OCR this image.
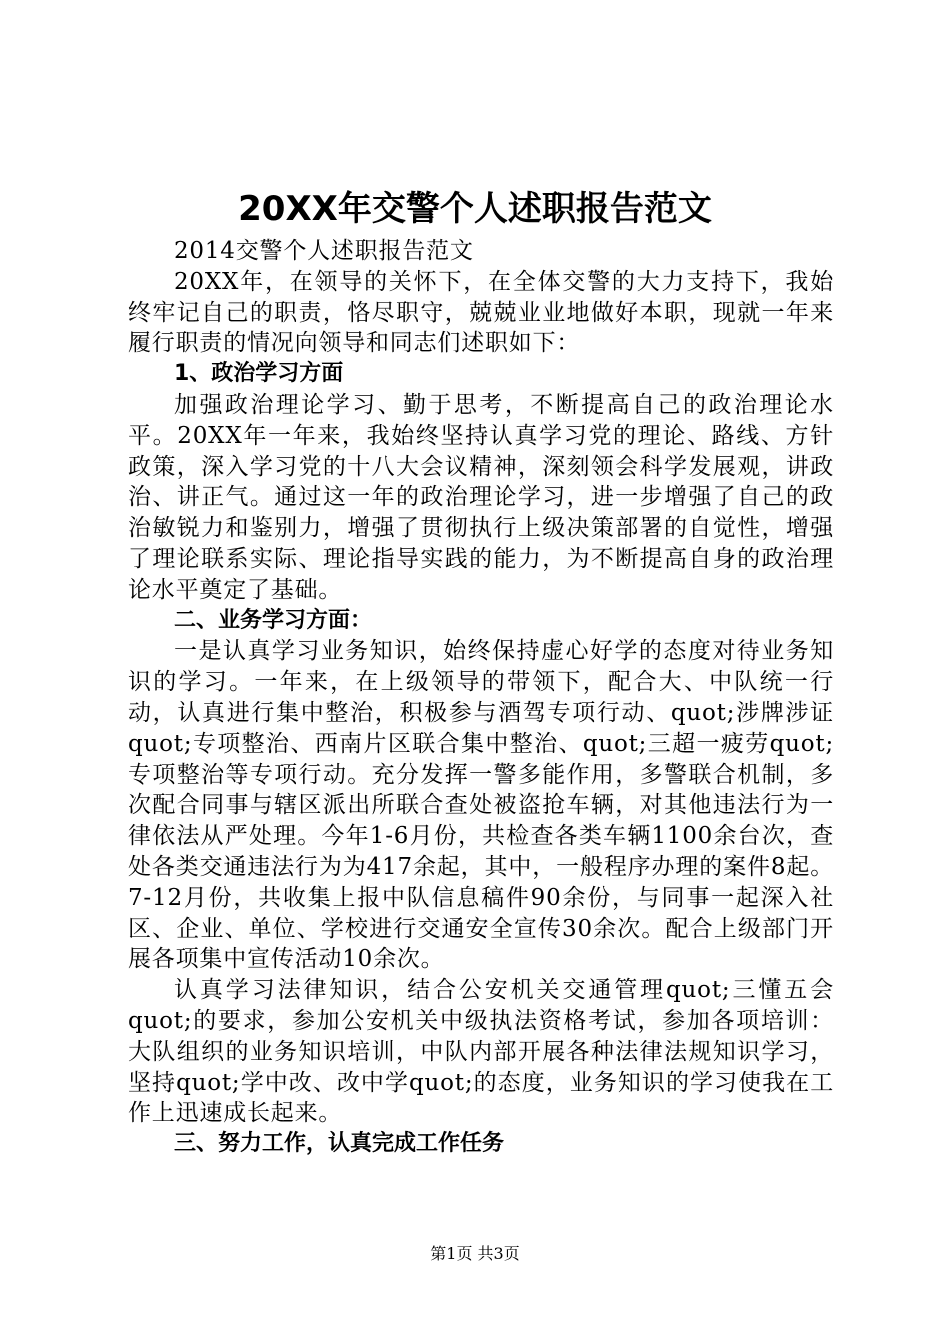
20XX年交警个人述职报告范文

2014交警个人述职报告范文

20XX年，在领导的关怀下，在全体交警的大力支持下，我始终牢记自己的职责，恪尽职守，兢兢业业地做好本职，现就一年来履行职责的情况向领导和同志们述职如下：

1、政治学习方面

加强政治理论学习、勤于思考，不断提高自己的政治理论水平。20XX年一年来，我始终坚持认真学习党的理论、路线、方针政策，深入学习党的十八大会议精神，深刻领会科学发展观，讲政治、讲正气。通过这一年的政治理论学习，进一步增强了自己的政治敏锐力和鉴别力，增强了贯彻执行上级决策部署的自觉性，增强了理论联系实际、理论指导实践的能力，为不断提高自身的政治理论水平奠定了基础。

二、业务学习方面：

一是认真学习业务知识，始终保持虚心好学的态度对待业务知识的学习。一年来，在上级领导的带领下，配合大、中队统一行动，认真进行集中整治，积极参与酒驾专项行动、quot;涉牌涉证quot;专项整治、西南片区联合集中整治、quot;三超一疲劳quot;专项整治等专项行动。充分发挥一警多能作用，多警联合机制，多次配合同事与辖区派出所联合查处被盗抢车辆，对其他违法行为一律依法从严处理。今年1-6月份，共检查各类车辆1100余台次，查处各类交通违法行为为417余起，其中，一般程序办理的案件8起。7-12月份，共收集上报中队信息稿件90余份，与同事一起深入社区、企业、单位、学校进行交通安全宣传30余次。配合上级部门开展各项集中宣传活动10余次。

认真学习法律知识，结合公安机关交通管理quot;三懂五会quot;的要求，参加公安机关中级执法资格考试，参加各项培训：大队组织的业务知识培训，中队内部开展各种法律法规知识学习，坚持quot;学中改、改中学quot;的态度，业务知识的学习使我在工作上迅速成长起来。

三、努力工作，认真完成工作任务

第1页 共3页
